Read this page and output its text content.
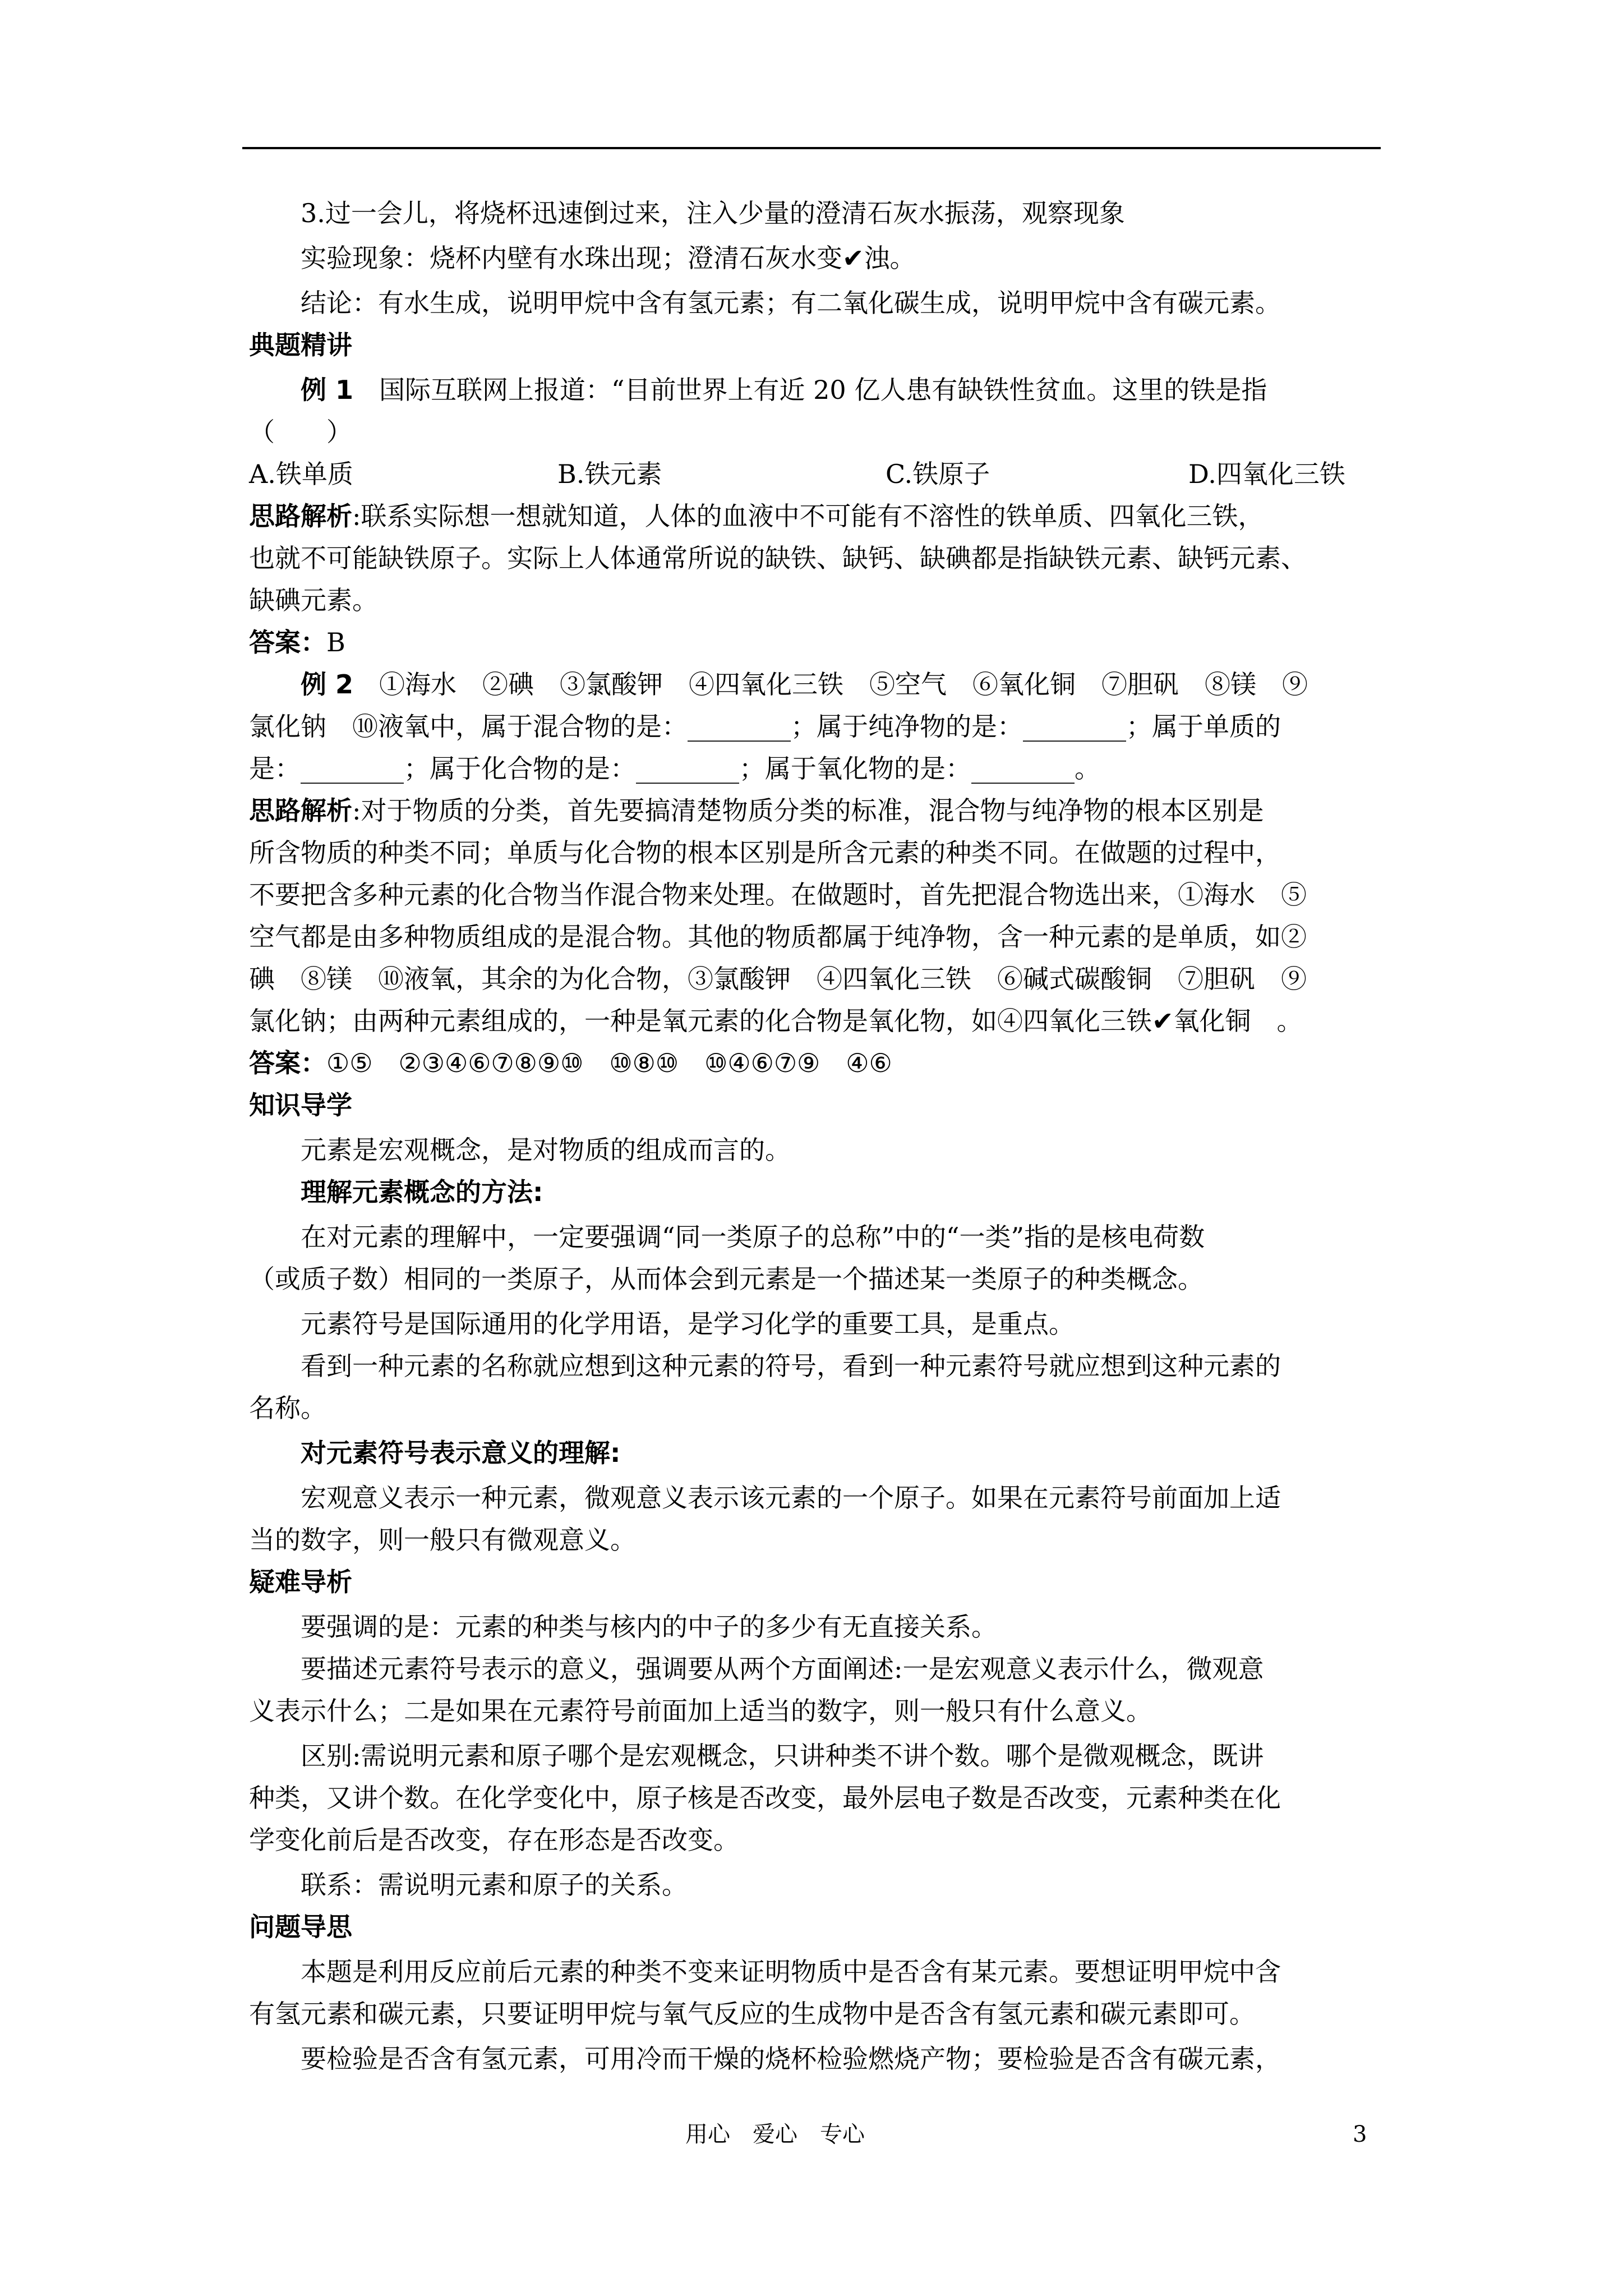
3.过一会儿，将烧杯迅速倒过来，注入少量的澄清石灰水振荡，观察现象
实验现象：烧杯内壁有水珠出现；澄清石灰水变✔浊。
结论：有水生成，说明甲烷中含有氢元素；有二氧化碳生成，说明甲烷中含有碳元素。
典题精讲
例 1　 国际互联网上报道：“目前世界上有近 20 亿人患有缺铁性贫血。这里的铁是指
（　　）
A.铁单质	B.铁元素	C.铁原子	D.四氧化三铁
思路解析:联系实际想一想就知道，人体的血液中不可能有不溶性的铁单质、四氧化三铁，
也就不可能缺铁原子。实际上人体通常所说的缺铁、缺钙、缺碘都是指缺铁元素、缺钙元素、
缺碘元素。
答案：B
例 2　 ①海水　②碘　③氯酸钾　④四氧化三铁　⑤空气　⑥氧化铜　⑦胆矾　⑧镁　⑨
氯化钠　⑩液氧中，属于混合物的是：________；属于纯净物的是：________；属于单质的
是：________；属于化合物的是：________；属于氧化物的是：________。
思路解析:对于物质的分类，首先要搞清楚物质分类的标准，混合物与纯净物的根本区别是
所含物质的种类不同；单质与化合物的根本区别是所含元素的种类不同。在做题的过程中，
不要把含多种元素的化合物当作混合物来处理。在做题时，首先把混合物选出来，①海水　⑤
空气都是由多种物质组成的是混合物。其他的物质都属于纯净物，含一种元素的是单质，如②
碘　⑧镁　⑩液氧，其余的为化合物，③氯酸钾　④四氧化三铁　⑥碱式碳酸铜　⑦胆矾　⑨
氯化钠；由两种元素组成的，一种是氧元素的化合物是氧化物，如④四氧化三铁✔氧化铜　。
答案：①⑤　②③④⑥⑦⑧⑨⑩　⑩⑧⑩　⑩④⑥⑦⑨　④⑥
知识导学
元素是宏观概念，是对物质的组成而言的。
理解元素概念的方法:
在对元素的理解中，一定要强调“同一类原子的总称”中的“一类”指的是核电荷数
（或质子数）相同的一类原子，从而体会到元素是一个描述某一类原子的种类概念。
元素符号是国际通用的化学用语，是学习化学的重要工具，是重点。
看到一种元素的名称就应想到这种元素的符号，看到一种元素符号就应想到这种元素的
名称。
对元素符号表示意义的理解:
宏观意义表示一种元素，微观意义表示该元素的一个原子。如果在元素符号前面加上适
当的数字，则一般只有微观意义。
疑难导析
要强调的是：元素的种类与核内的中子的多少有无直接关系。
要描述元素符号表示的意义，强调要从两个方面阐述:一是宏观意义表示什么，微观意
义表示什么；二是如果在元素符号前面加上适当的数字，则一般只有什么意义。
区别:需说明元素和原子哪个是宏观概念，只讲种类不讲个数。哪个是微观概念，既讲
种类，又讲个数。在化学变化中，原子核是否改变，最外层电子数是否改变，元素种类在化
学变化前后是否改变，存在形态是否改变。
联系：需说明元素和原子的关系。
问题导思
本题是利用反应前后元素的种类不变来证明物质中是否含有某元素。要想证明甲烷中含
有氢元素和碳元素，只要证明甲烷与氧气反应的生成物中是否含有氢元素和碳元素即可。
要检验是否含有氢元素，可用冷而干燥的烧杯检验燃烧产物；要检验是否含有碳元素，
用心　爱心　专心	3
